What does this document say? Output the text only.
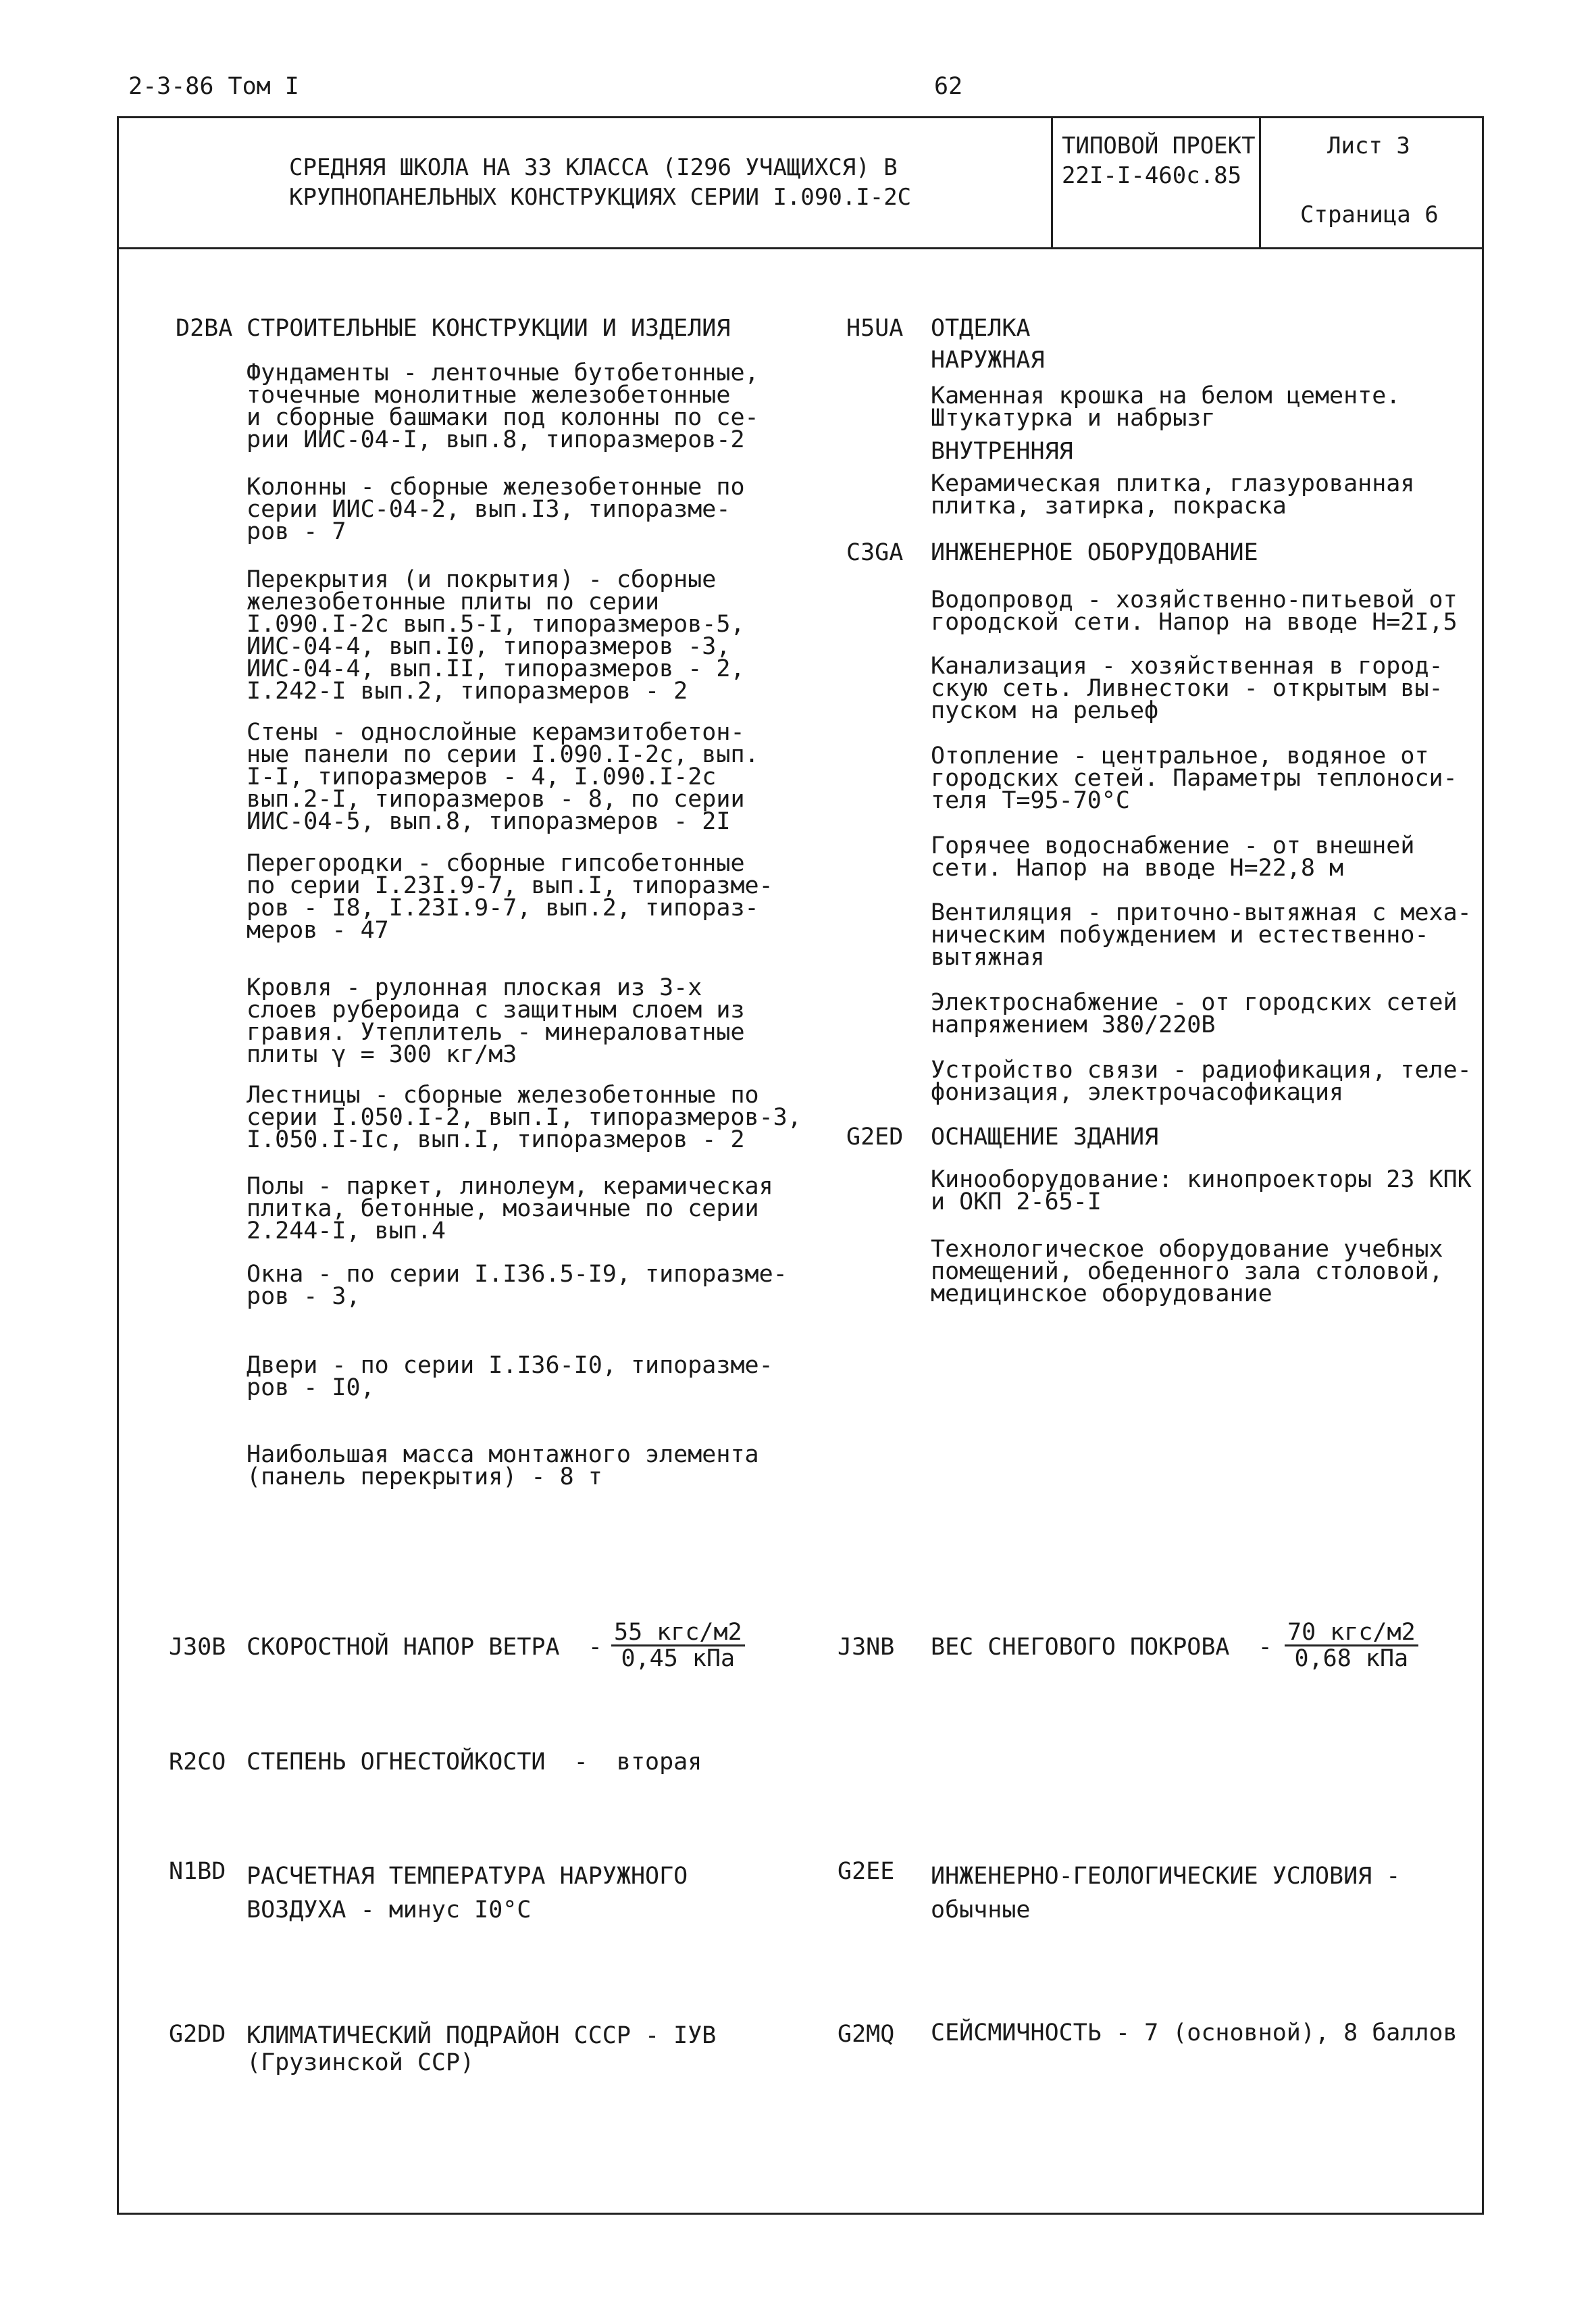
2-3-86 Том I	62
СРЕДНЯЯ ШКОЛА НА 33 КЛАССА (I296 УЧАЩИХСЯ) В
КРУПНОПАНЕЛЬНЫХ КОНСТРУКЦИЯХ СЕРИИ I.090.I-2С
ТИПОВОЙ ПРОЕКТ
22I-I-460с.85
Лист 3
Страница 6
D2BA СТРОИТЕЛЬНЫЕ КОНСТРУКЦИИ И ИЗДЕЛИЯ
Фундаменты - ленточные бутобетонные,
точечные монолитные железобетонные
и сборные башмаки под колонны по се-
рии ИИС-04-I, вып.8, типоразмеров-2
Колонны - сборные железобетонные по
серии ИИС-04-2, вып.I3, типоразме-
ров - 7
Перекрытия (и покрытия) - сборные
железобетонные плиты по серии
I.090.I-2с вып.5-I, типоразмеров-5,
ИИС-04-4, вып.I0, типоразмеров -3,
ИИС-04-4, вып.II, типоразмеров - 2,
I.242-I вып.2, типоразмеров - 2
Стены - однослойные керамзитобетон-
ные панели по серии I.090.I-2с, вып.
I-I, типоразмеров - 4, I.090.I-2с
вып.2-I, типоразмеров - 8, по серии
ИИС-04-5, вып.8, типоразмеров - 2I
Перегородки - сборные гипсобетонные
по серии I.23I.9-7, вып.I, типоразме-
ров - I8, I.23I.9-7, вып.2, типораз-
меров - 47
Кровля - рулонная плоская из 3-х
слоев рубероида с защитным слоем из
гравия. Утеплитель - минераловатные
плиты γ = 300 кг/м3
Лестницы - сборные железобетонные по
серии I.050.I-2, вып.I, типоразмеров-3,
I.050.I-Iс, вып.I, типоразмеров - 2
Полы - паркет, линолеум, керамическая
плитка, бетонные, мозаичные по серии
2.244-I, вып.4
Окна - по серии I.I36.5-I9, типоразме-
ров - 3,
Двери - по серии I.I36-I0, типоразме-
ров - I0,
Наибольшая масса монтажного элемента
(панель перекрытия) - 8 т
H5UA ОТДЕЛКА
НАРУЖНАЯ
Каменная крошка на белом цементе.
Штукатурка и набрызг
ВНУТРЕННЯЯ
Керамическая плитка, глазурованная
плитка, затирка, покраска
C3GA ИНЖЕНЕРНОЕ ОБОРУДОВАНИЕ
Водопровод - хозяйственно-питьевой от
городской сети. Напор на вводе Н=2I,5
Канализация - хозяйственная в город-
скую сеть. Ливнестоки - открытым вы-
пуском на рельеф
Отопление - центральное, водяное от
городских сетей. Параметры теплоноси-
теля Т=95-70°С
Горячее водоснабжение - от внешней
сети. Напор на вводе Н=22,8 м
Вентиляция - приточно-вытяжная с меха-
ническим побуждением и естественно-
вытяжная
Электроснабжение - от городских сетей
напряжением 380/220В
Устройство связи - радиофикация, теле-
фонизация, электрочасофикация
G2ED ОСНАЩЕНИЕ ЗДАНИЯ
Кинооборудование: кинопроекторы 23 КПК
и ОКП 2-65-I
Технологическое оборудование учебных
помещений, обеденного зала столовой,
медицинское оборудование
J30B СКОРОСТНОЙ НАПОР ВЕТРА  -
55 кгс/м2
0,45 кПа	J3NB ВЕС СНЕГОВОГО ПОКРОВА  -
70 кгс/м2
0,68 кПа
R2CO СТЕПЕНЬ ОГНЕСТОЙКОСТИ  -  вторая
N1BD РАСЧЕТНАЯ ТЕМПЕРАТУРА НАРУЖНОГО
ВОЗДУХА - минус I0°С
G2EE ИНЖЕНЕРНО-ГЕОЛОГИЧЕСКИЕ УСЛОВИЯ -
обычные
G2DD КЛИМАТИЧЕСКИЙ ПОДРАЙОН СССР - IУВ
(Грузинской ССР)
G2MQ СЕЙСМИЧНОСТЬ - 7 (основной), 8 баллов
